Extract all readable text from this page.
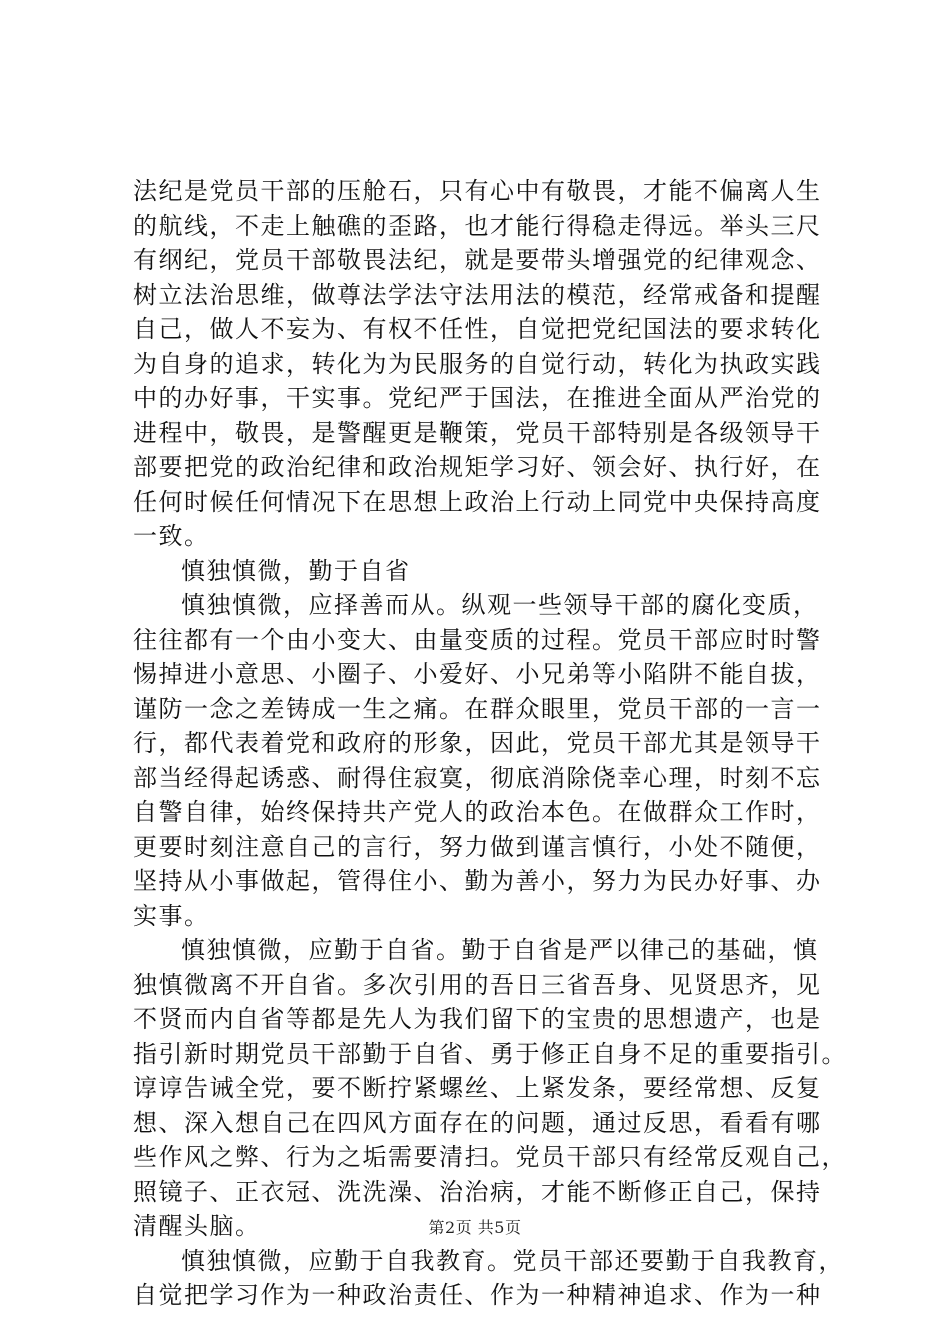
法纪是党员干部的压舱石，只有心中有敬畏，才能不偏离人生
的航线，不走上触礁的歪路，也才能行得稳走得远。举头三尺
有纲纪，党员干部敬畏法纪，就是要带头增强党的纪律观念、
树立法治思维，做尊法学法守法用法的模范，经常戒备和提醒
自己，做人不妄为、有权不任性，自觉把党纪国法的要求转化
为自身的追求，转化为为民服务的自觉行动，转化为执政实践
中的办好事，干实事。党纪严于国法，在推进全面从严治党的
进程中，敬畏，是警醒更是鞭策，党员干部特别是各级领导干
部要把党的政治纪律和政治规矩学习好、领会好、执行好，在
任何时候任何情况下在思想上政治上行动上同党中央保持高度
一致。
慎独慎微，勤于自省
慎独慎微，应择善而从。纵观一些领导干部的腐化变质，
往往都有一个由小变大、由量变质的过程。党员干部应时时警
惕掉进小意思、小圈子、小爱好、小兄弟等小陷阱不能自拔，
谨防一念之差铸成一生之痛。在群众眼里，党员干部的一言一
行，都代表着党和政府的形象，因此，党员干部尤其是领导干
部当经得起诱惑、耐得住寂寞，彻底消除侥幸心理，时刻不忘
自警自律，始终保持共产党人的政治本色。在做群众工作时，
更要时刻注意自己的言行，努力做到谨言慎行，小处不随便，
坚持从小事做起，管得住小、勤为善小，努力为民办好事、办
实事。
慎独慎微，应勤于自省。勤于自省是严以律己的基础，慎
独慎微离不开自省。多次引用的吾日三省吾身、见贤思齐，见
不贤而内自省等都是先人为我们留下的宝贵的思想遗产，也是
指引新时期党员干部勤于自省、勇于修正自身不足的重要指引。
谆谆告诫全党，要不断拧紧螺丝、上紧发条，要经常想、反复
想、深入想自己在四风方面存在的问题，通过反思，看看有哪
些作风之弊、行为之垢需要清扫。党员干部只有经常反观自己，
照镜子、正衣冠、洗洗澡、治治病，才能不断修正自己，保持
清醒头脑。
慎独慎微，应勤于自我教育。党员干部还要勤于自我教育，
自觉把学习作为一种政治责任、作为一种精神追求、作为一种
第2页 共5页
